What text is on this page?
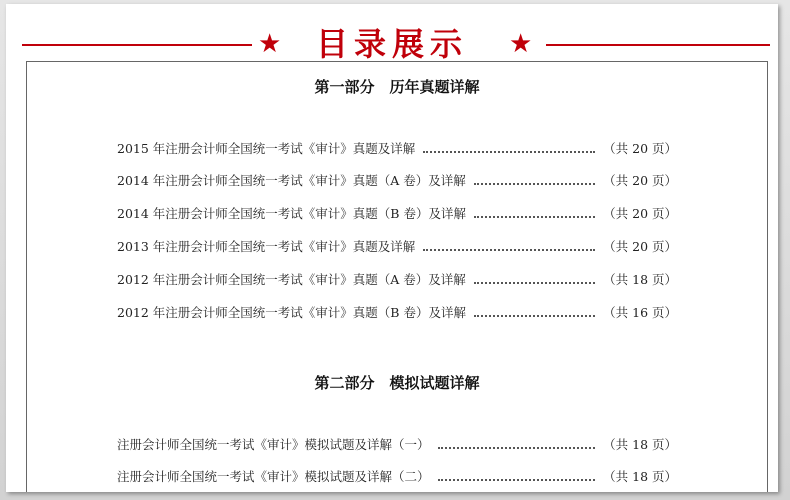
★	目录展示	★
第一部分　历年真题详解
2015 年注册会计师全国统一考试《审计》真题及详解	（共 20 页）
2014 年注册会计师全国统一考试《审计》真题（A 卷）及详解	（共 20 页）
2014 年注册会计师全国统一考试《审计》真题（B 卷）及详解	（共 20 页）
2013 年注册会计师全国统一考试《审计》真题及详解	（共 20 页）
2012 年注册会计师全国统一考试《审计》真题（A 卷）及详解	（共 18 页）
2012 年注册会计师全国统一考试《审计》真题（B 卷）及详解	（共 16 页）
第二部分　模拟试题详解
注册会计师全国统一考试《审计》模拟试题及详解（一）	（共 18 页）
注册会计师全国统一考试《审计》模拟试题及详解（二）	（共 18 页）
